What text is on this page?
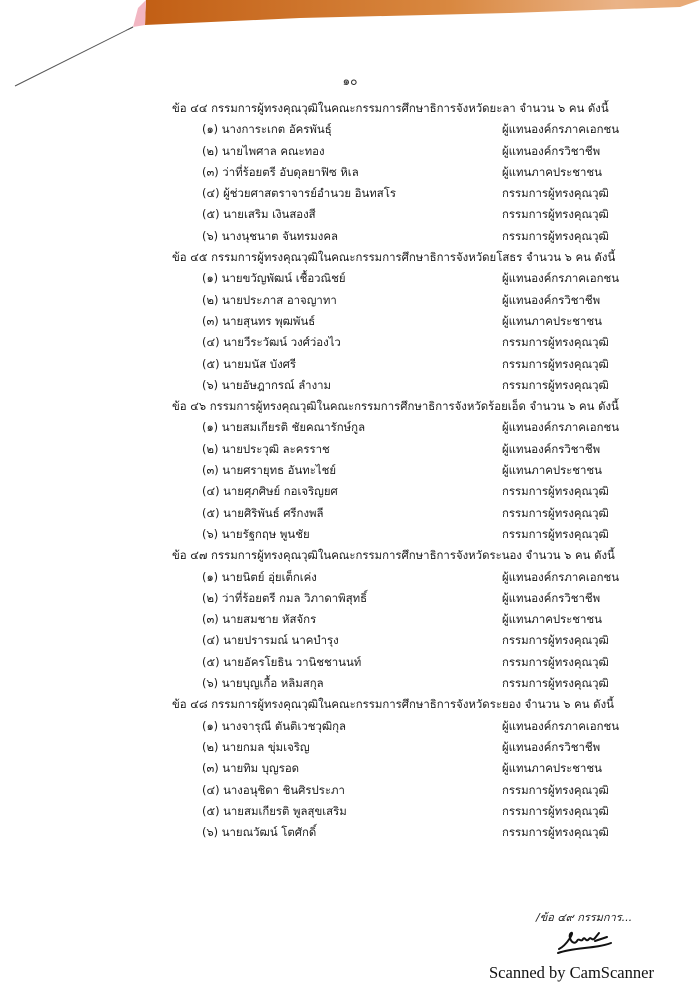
๑๐
ข้อ ๔๔ กรรมการผู้ทรงคุณวุฒิในคณะกรรมการศึกษาธิการจังหวัดยะลา จำนวน ๖ คน ดังนี้
(๑) นางการะเกต อัครพันธุ์	ผู้แทนองค์กรภาคเอกชน
(๒) นายไพศาล คณะทอง	ผู้แทนองค์กรวิชาชีพ
(๓) ว่าที่ร้อยตรี อับดุลยาฟิซ หิเล	ผู้แทนภาคประชาชน
(๔) ผู้ช่วยศาสตราจารย์อำนวย อินทสโร	กรรมการผู้ทรงคุณวุฒิ
(๕) นายเสริม เงินสองสี	กรรมการผู้ทรงคุณวุฒิ
(๖) นางนุชนาต จันทรมงคล	กรรมการผู้ทรงคุณวุฒิ
ข้อ ๔๕ กรรมการผู้ทรงคุณวุฒิในคณะกรรมการศึกษาธิการจังหวัดยโสธร จำนวน ๖ คน ดังนี้
(๑) นายขวัญพัฒน์ เชื้อวณิชย์	ผู้แทนองค์กรภาคเอกชน
(๒) นายประภาส อาจญาทา	ผู้แทนองค์กรวิชาชีพ
(๓) นายสุนทร พุฒพันธ์	ผู้แทนภาคประชาชน
(๔) นายวีระวัฒน์ วงศ์ว่องไว	กรรมการผู้ทรงคุณวุฒิ
(๕) นายมนัส บังศรี	กรรมการผู้ทรงคุณวุฒิ
(๖) นายอัษฎากรณ์ ลำงาม	กรรมการผู้ทรงคุณวุฒิ
ข้อ ๔๖ กรรมการผู้ทรงคุณวุฒิในคณะกรรมการศึกษาธิการจังหวัดร้อยเอ็ด จำนวน ๖ คน ดังนี้
(๑) นายสมเกียรติ ชัยคณารักษ์กูล	ผู้แทนองค์กรภาคเอกชน
(๒) นายประวุฒิ ละครราช	ผู้แทนองค์กรวิชาชีพ
(๓) นายศรายุทธ อันทะไชย์	ผู้แทนภาคประชาชน
(๔) นายศุภศิษย์ กอเจริญยศ	กรรมการผู้ทรงคุณวุฒิ
(๕) นายศิริพันธ์ ศรีกงพลี	กรรมการผู้ทรงคุณวุฒิ
(๖) นายรัฐกฤษ พูนชัย	กรรมการผู้ทรงคุณวุฒิ
ข้อ ๔๗ กรรมการผู้ทรงคุณวุฒิในคณะกรรมการศึกษาธิการจังหวัดระนอง จำนวน ๖ คน ดังนี้
(๑) นายนิตย์ อุ่ยเต็กเค่ง	ผู้แทนองค์กรภาคเอกชน
(๒) ว่าที่ร้อยตรี กมล วิภาดาพิสุทธิ์	ผู้แทนองค์กรวิชาชีพ
(๓) นายสมชาย หัสจักร	ผู้แทนภาคประชาชน
(๔) นายปรารมณ์ นาคบำรุง	กรรมการผู้ทรงคุณวุฒิ
(๕) นายอัครโยธิน วานิชชานนท์	กรรมการผู้ทรงคุณวุฒิ
(๖) นายบุญเกื้อ หลิมสกุล	กรรมการผู้ทรงคุณวุฒิ
ข้อ ๔๘ กรรมการผู้ทรงคุณวุฒิในคณะกรรมการศึกษาธิการจังหวัดระยอง จำนวน ๖ คน ดังนี้
(๑) นางจารุณี ตันติเวชวุฒิกุล	ผู้แทนองค์กรภาคเอกชน
(๒) นายกมล ขุ่มเจริญ	ผู้แทนองค์กรวิชาชีพ
(๓) นายทิม บุญรอด	ผู้แทนภาคประชาชน
(๔) นางอนุชิดา ชินศิรประภา	กรรมการผู้ทรงคุณวุฒิ
(๕) นายสมเกียรติ พูลสุขเสริม	กรรมการผู้ทรงคุณวุฒิ
(๖) นายณวัฒน์ โตศักดิ์	กรรมการผู้ทรงคุณวุฒิ
/ข้อ ๔๙ กรรมการ...
Scanned by CamScanner
